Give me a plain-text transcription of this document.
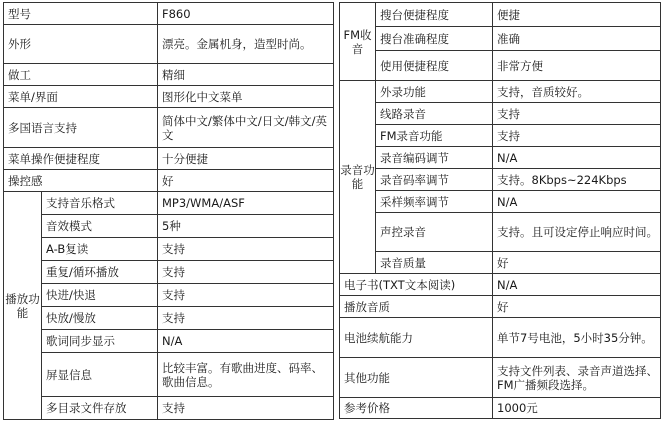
型号		F860
外形		漂亮。金属机身，造型时尚。
做工		精细
菜单/界面		图形化中文菜单
多国语言支持		简体中文/繁体中文/日文/韩文/英文
菜单操作便捷程度		十分便捷
操控感		好
播放功能	支持音乐格式	MP3/WMA/ASF
	音效模式	5种
	A-B复读	支持
	重复/循环播放	支持
	快进/快退	支持
	快放/慢放	支持
	歌词同步显示	N/A
	屏显信息	比较丰富。有歌曲进度、码率、歌曲信息。
	多目录文件存放	支持
FM收音	搜台便捷程度	便捷
	搜台准确程度	准确
	使用便捷程度	非常方便
录音功能	外录功能	支持，音质较好。
	线路录音	支持
	FM录音功能	支持
	录音编码调节	N/A
	录音码率调节	支持。8Kbps~224Kbps
	采样频率调节	N/A
	声控录音	支持。且可设定停止响应时间。
	录音质量	好
电子书(TXT文本阅读)		N/A
播放音质		好
电池续航能力		单节7号电池，5小时35分钟。
其他功能		支持文件列表、录音声道选择、FM广播频段选择。
参考价格		1000元
